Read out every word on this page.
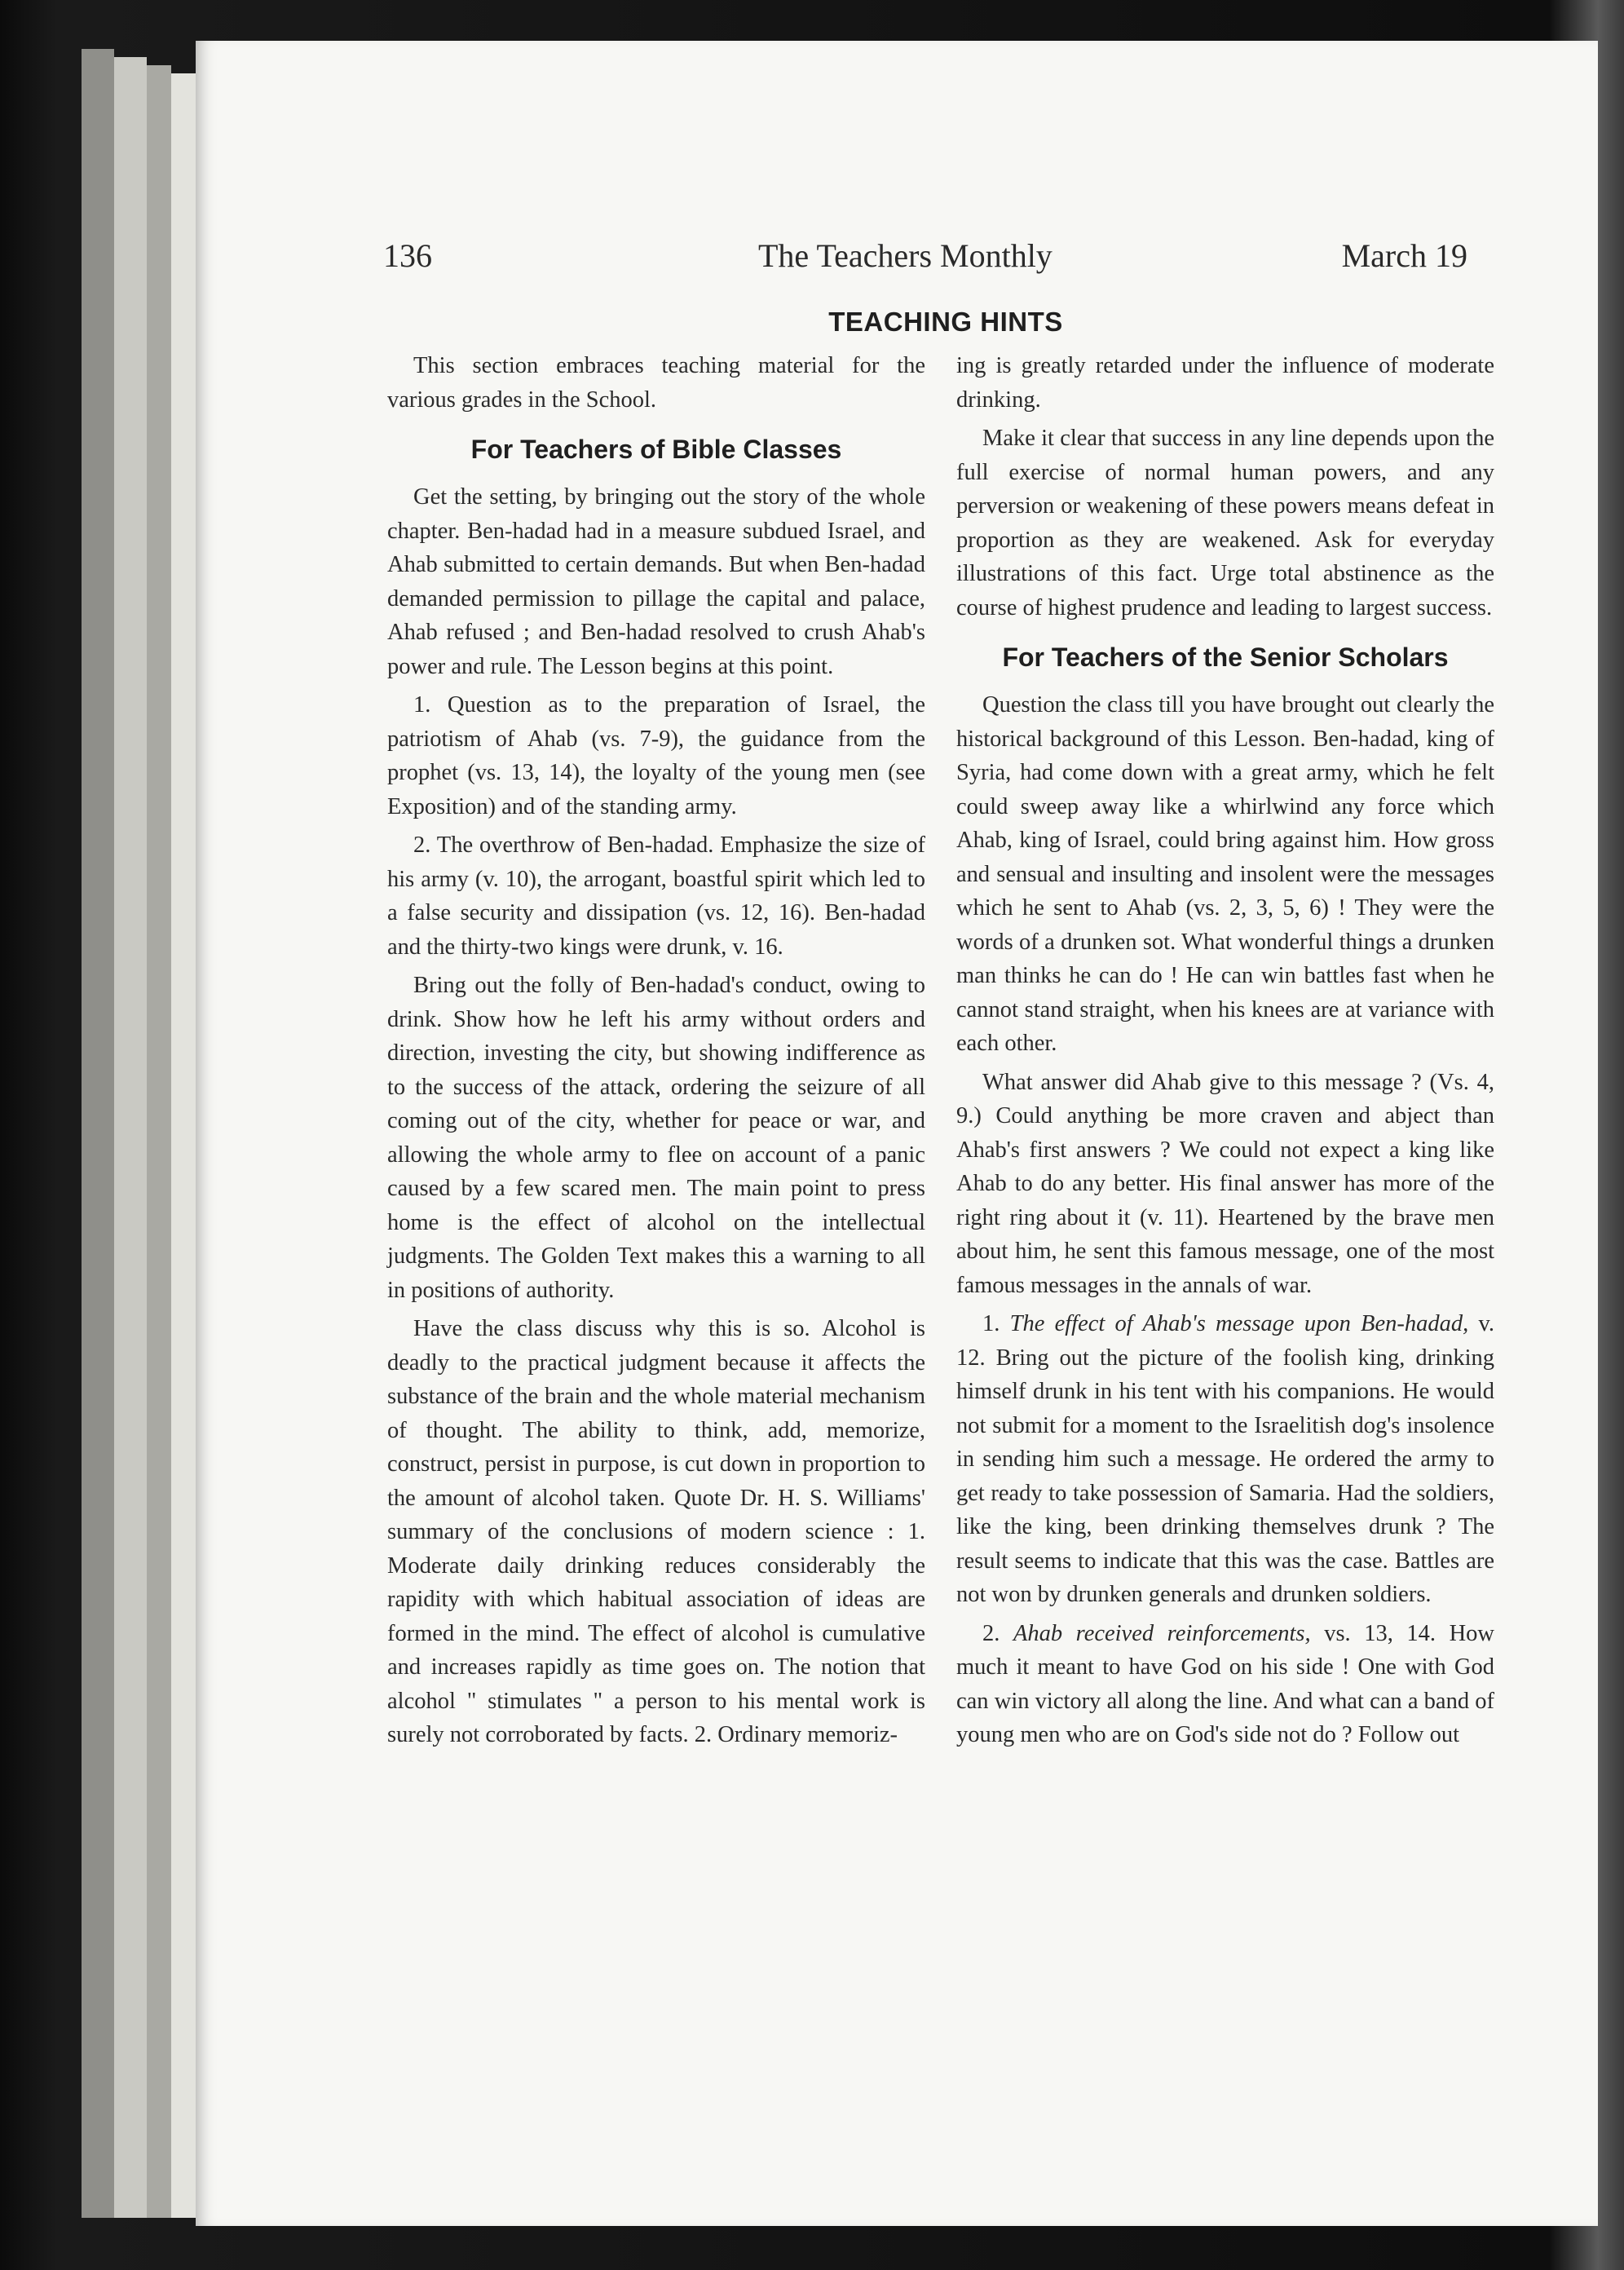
136	The Teachers Monthly	March 19
TEACHING HINTS

This section embraces teaching material for the various grades in the School.

For Teachers of Bible Classes

Get the setting, by bringing out the story of the whole chapter. Ben-hadad had in a measure subdued Israel, and Ahab submitted to certain demands. But when Ben-hadad demanded permission to pillage the capital and palace, Ahab refused ; and Ben-hadad resolved to crush Ahab's power and rule. The Lesson begins at this point.

1. Question as to the preparation of Israel, the patriotism of Ahab (vs. 7-9), the guidance from the prophet (vs. 13, 14), the loyalty of the young men (see Exposition) and of the standing army.

2. The overthrow of Ben-hadad. Emphasize the size of his army (v. 10), the arrogant, boastful spirit which led to a false security and dissipation (vs. 12, 16). Ben-hadad and the thirty-two kings were drunk, v. 16.

Bring out the folly of Ben-hadad's conduct, owing to drink. Show how he left his army without orders and direction, investing the city, but showing indifference as to the success of the attack, ordering the seizure of all coming out of the city, whether for peace or war, and allowing the whole army to flee on account of a panic caused by a few scared men. The main point to press home is the effect of alcohol on the intellectual judgments. The Golden Text makes this a warning to all in positions of authority.

Have the class discuss why this is so. Alcohol is deadly to the practical judgment because it affects the substance of the brain and the whole material mechanism of thought. The ability to think, add, memorize, construct, persist in purpose, is cut down in proportion to the amount of alcohol taken. Quote Dr. H. S. Williams' summary of the conclusions of modern science : 1. Moderate daily drinking reduces considerably the rapidity with which habitual association of ideas are formed in the mind. The effect of alcohol is cumulative and increases rapidly as time goes on. The notion that alcohol " stimulates " a person to his mental work is surely not corroborated by facts. 2. Ordinary memoriz-

ing is greatly retarded under the influence of moderate drinking.

Make it clear that success in any line depends upon the full exercise of normal human powers, and any perversion or weakening of these powers means defeat in proportion as they are weakened. Ask for everyday illustrations of this fact. Urge total abstinence as the course of highest prudence and leading to largest success.

For Teachers of the Senior Scholars

Question the class till you have brought out clearly the historical background of this Lesson. Ben-hadad, king of Syria, had come down with a great army, which he felt could sweep away like a whirlwind any force which Ahab, king of Israel, could bring against him. How gross and sensual and insulting and insolent were the messages which he sent to Ahab (vs. 2, 3, 5, 6) ! They were the words of a drunken sot. What wonderful things a drunken man thinks he can do ! He can win battles fast when he cannot stand straight, when his knees are at variance with each other.

What answer did Ahab give to this message ? (Vs. 4, 9.) Could anything be more craven and abject than Ahab's first answers ? We could not expect a king like Ahab to do any better. His final answer has more of the right ring about it (v. 11). Heartened by the brave men about him, he sent this famous message, one of the most famous messages in the annals of war.

1. The effect of Ahab's message upon Ben-hadad, v. 12. Bring out the picture of the foolish king, drinking himself drunk in his tent with his companions. He would not submit for a moment to the Israelitish dog's insolence in sending him such a message. He ordered the army to get ready to take possession of Samaria. Had the soldiers, like the king, been drinking themselves drunk ? The result seems to indicate that this was the case. Battles are not won by drunken generals and drunken soldiers.

2. Ahab received reinforcements, vs. 13, 14. How much it meant to have God on his side ! One with God can win victory all along the line. And what can a band of young men who are on God's side not do ? Follow out
